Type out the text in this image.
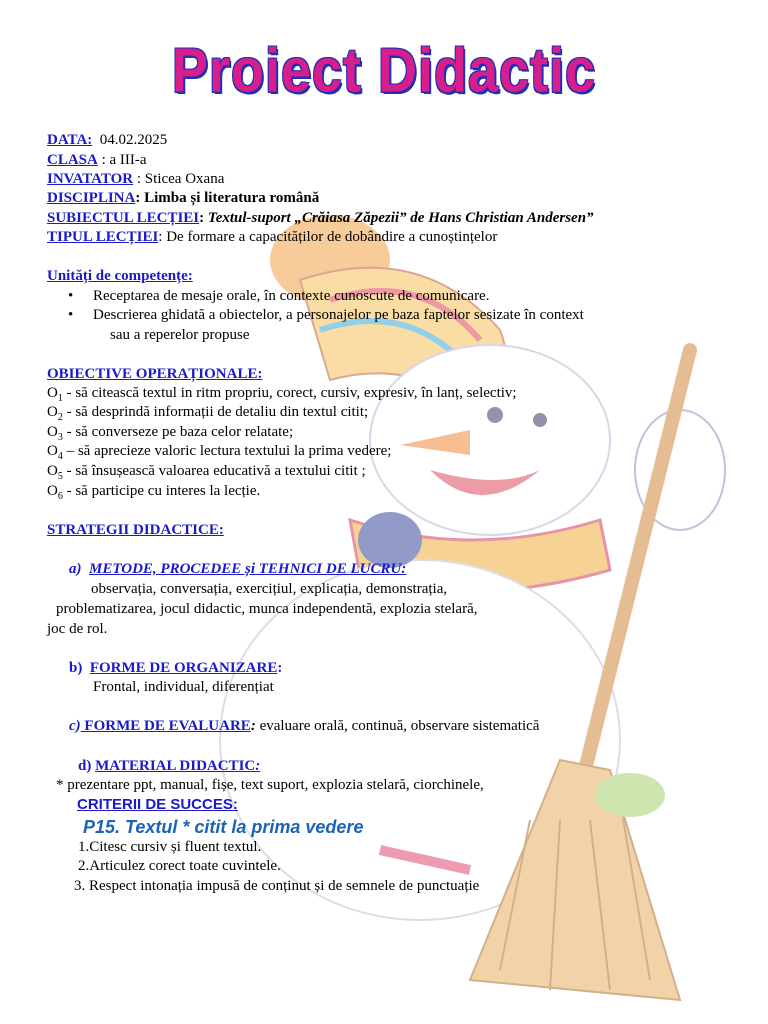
Proiect Didactic
DATA: 04.02.2025
CLASA : a III-a
INVATATOR : Sticea Oxana
DISCIPLINA: Limba și literatura română
SUBIECTUL LECȚIEI: Textul-suport „Crăiasa Zăpezii” de Hans Christian Andersen”
TIPUL LECȚIEI: De formare a capacităților de dobândire a cunoștințelor
Unități de competențe:
• Receptarea de mesaje orale, în contexte cunoscute de comunicare.
• Descrierea ghidată a obiectelor, a personajelor pe baza faptelor sesizate în context
sau a reperelor propuse
OBIECTIVE OPERAȚIONALE:
$O_1$ - să citească textul in ritm propriu, corect, cursiv, expresiv, în lanț, selectiv;
$O_2$ - să desprindă informații de detaliu din textul citit;
$O_3$ - să converseze pe baza celor relatate;
$O_4$ – să aprecieze valoric lectura textului la prima vedere;
$O_5$ - să însușească valoarea educativă a textului citit ;
$O_6$ - să participe cu interes la lecție.
STRATEGII DIDACTICE:
a) METODE, PROCEDEE și TEHNICI DE LUCRU:
observația, conversația, exercițiul, explicația, demonstrația,
problematizarea, jocul didactic, munca independentă, explozia stelară,
joc de rol.
b) FORME DE ORGANIZARE:
Frontal, individual, diferențiat
c) FORME DE EVALUARE: evaluare orală, continuă, observare sistematică
d) MATERIAL DIDACTIC:
* prezentare ppt, manual, fișe, text suport, explozia stelară, ciorchinele,
CRITERII DE SUCCES:
P15. Textul * citit la prima vedere
1.Citesc cursiv și fluent textul.
2.Articulez corect toate cuvintele.
3. Respect intonația impusă de conținut și de semnele de punctuație
